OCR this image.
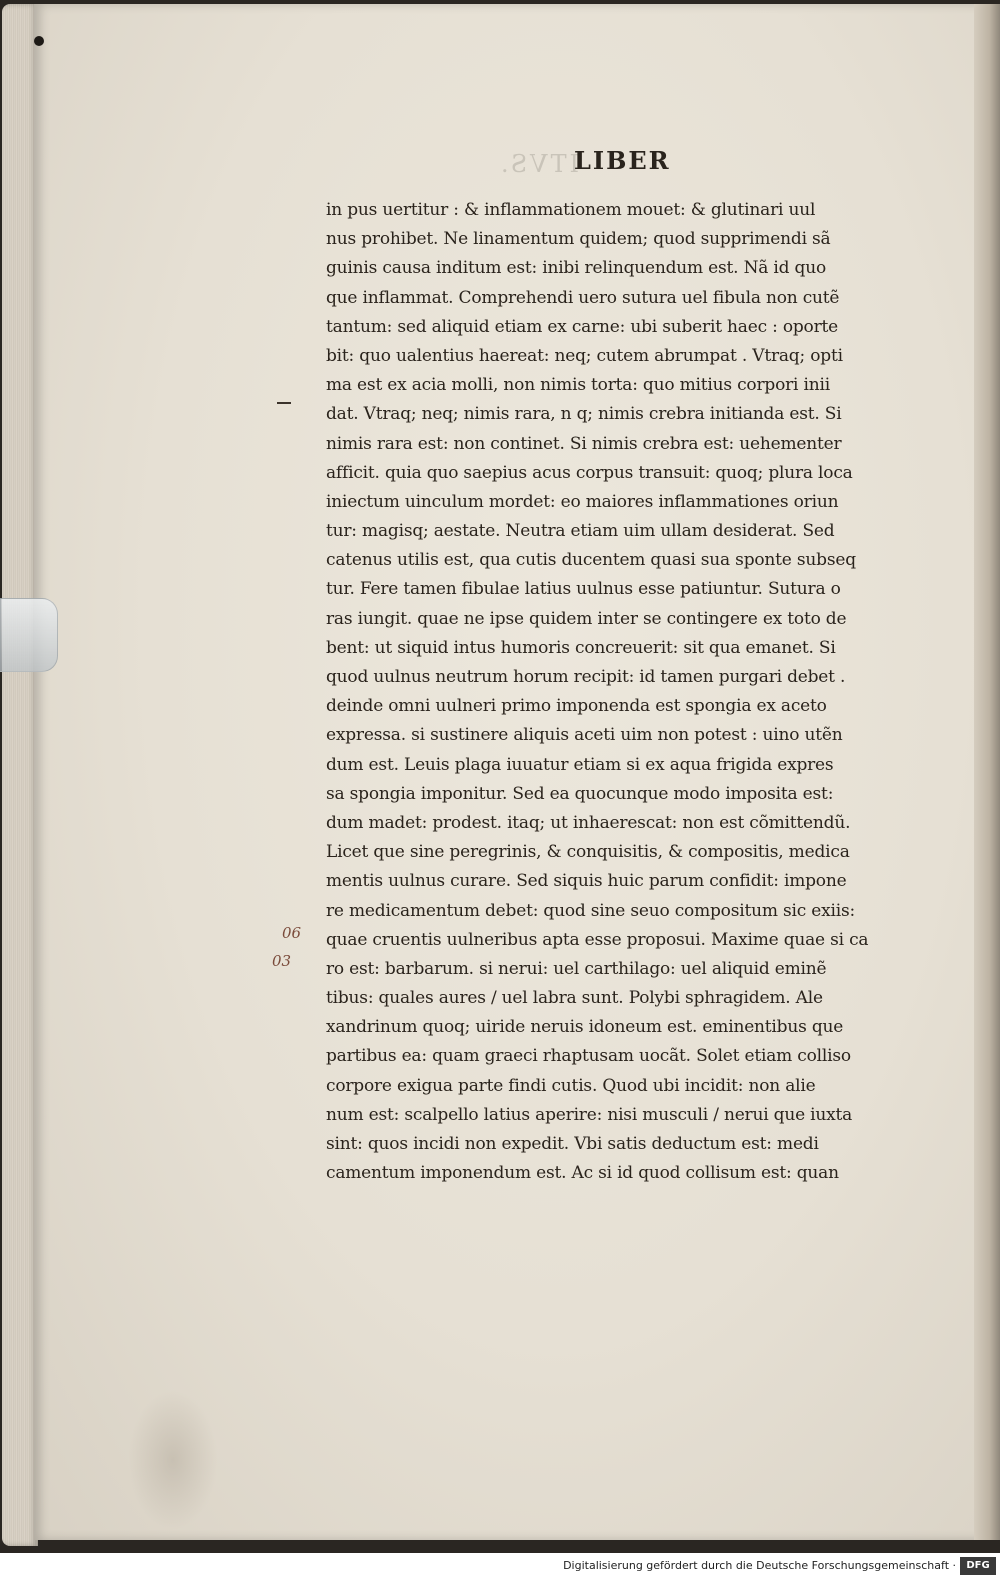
ITVS.
LIBER
in pus uertitur : & inflammationem mouet: & glutinari uul
nus prohibet. Ne linamentum quidem; quod supprimendi sã
guinis causa inditum est: inibi relinquendum est. Nã id quo
que inflammat. Comprehendi uero sutura uel fibula non cutẽ
tantum: sed aliquid etiam ex carne: ubi suberit haec : oporte
bit: quo ualentius haereat: neq; cutem abrumpat . Vtraq; opti
ma est ex acia molli, non nimis torta: quo mitius corpori inii
dat. Vtraq; neq; nimis rara, n q; nimis crebra initianda est. Si
nimis rara est: non continet. Si nimis crebra est: uehementer
afficit. quia quo saepius acus corpus transuit: quoq; plura loca
iniectum uinculum mordet: eo maiores inflammationes oriun
tur: magisq; aestate. Neutra etiam uim ullam desiderat. Sed
catenus utilis est, qua cutis ducentem quasi sua sponte subseq
tur. Fere tamen fibulae latius uulnus esse patiuntur. Sutura o
ras iungit. quae ne ipse quidem inter se contingere ex toto de
bent: ut siquid intus humoris concreuerit: sit qua emanet. Si
quod uulnus neutrum horum recipit: id tamen purgari debet .
deinde omni uulneri primo imponenda est spongia ex aceto
expressa. si sustinere aliquis aceti uim non potest : uino utẽn
dum est. Leuis plaga iuuatur etiam si ex aqua frigida expres
sa spongia imponitur. Sed ea quocunque modo imposita est:
dum madet: prodest. itaq; ut inhaerescat: non est cõmittendũ.
Licet que sine peregrinis, & conquisitis, & compositis, medica
mentis uulnus curare. Sed siquis huic parum confidit: impone
re medicamentum debet: quod sine seuo compositum sic exiis:
quae cruentis uulneribus apta esse proposui. Maxime quae si ca
ro est: barbarum. si nerui: uel carthilago: uel aliquid eminẽ
tibus: quales aures / uel labra sunt. Polybi sphragidem. Ale
xandrinum quoq; uiride neruis idoneum est. eminentibus que
partibus ea: quam graeci rhaptusam uocãt. Solet etiam colliso
corpore exigua parte findi cutis. Quod ubi incidit: non alie
num est: scalpello latius aperire: nisi musculi / nerui que iuxta
sint: quos incidi non expedit. Vbi satis deductum est: medi
camentum imponendum est. Ac si id quod collisum est: quan
06
03
Digitalisierung gefördert durch die Deutsche Forschungsgemeinschaft ·	DFG
